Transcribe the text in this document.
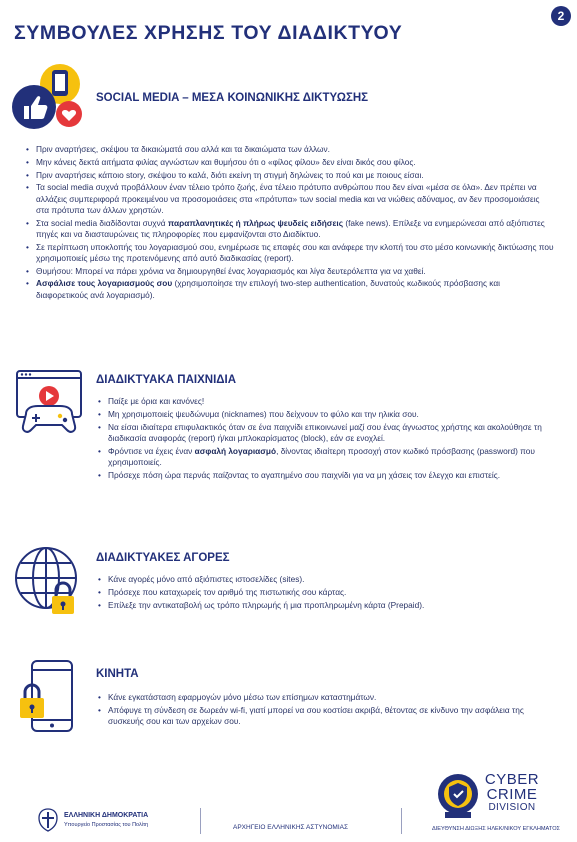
ΣΥΜΒΟΥΛΕΣ ΧΡΗΣΗΣ ΤΟΥ ΔΙΑΔΙΚΤΥΟΥ
2
SOCIAL MEDIA – ΜΕΣΑ ΚΟΙΝΩΝΙΚΗΣ ΔΙΚΤΥΩΣΗΣ
• Πριν αναρτήσεις, σκέψου τα δικαιώματά σου αλλά και τα δικαιώματα των άλλων.
• Μην κάνεις δεκτά αιτήματα φιλίας αγνώστων και θυμήσου ότι ο «φίλος φίλου» δεν είναι δικός σου φίλος.
• Πριν αναρτήσεις κάποιο story, σκέψου το καλά, διότι εκείνη τη στιγμή δηλώνεις το πού και με ποιους είσαι.
• Τα social media συχνά προβάλλουν έναν τέλειο τρόπο ζωής, ένα τέλειο πρότυπο ανθρώπου που δεν είναι «μέσα σε όλα». Δεν πρέπει να αλλάζεις συμπεριφορά προκειμένου να προσομοιάσεις στα «πρότυπα» των social media και να νιώθεις αδύναμος, αν δεν προσομοιάσεις στα πρότυπα των άλλων χρηστών.
• Στα social media διαδίδονται συχνά παραπλανητικές ή πλήρως ψευδείς ειδήσεις (fake news). Επίλεξε να ενημερώνεσαι από αξιόπιστες πηγές και να διασταυρώνεις τις πληροφορίες που εμφανίζονται στο Διαδίκτυο.
• Σε περίπτωση υποκλοπής του λογαριασμού σου, ενημέρωσε τις επαφές σου και ανάφερε την κλοπή του στο μέσο κοινωνικής δικτύωσης που χρησιμοποιείς μέσω της προτεινόμενης από αυτό διαδικασίας (report).
• Θυμήσου: Μπορεί να πάρει χρόνια να δημιουργηθεί ένας λογαριασμός και λίγα δευτερόλεπτα για να χαθεί.
• Ασφάλισε τους λογαριασμούς σου (χρησιμοποίησε την επιλογή two-step authentication, δυνατούς κωδικούς πρόσβασης και διαφορετικούς ανά λογαριασμό).
ΔΙΑΔΙΚΤΥΑΚΑ ΠΑΙΧΝΙΔΙΑ
• Παίξε με όρια και κανόνες!
• Μη χρησιμοποιείς ψευδώνυμα (nicknames) που δείχνουν το φύλο και την ηλικία σου.
• Να είσαι ιδιαίτερα επιφυλακτικός όταν σε ένα παιχνίδι επικοινωνεί μαζί σου ένας άγνωστος χρήστης και ακολούθησε τη διαδικασία αναφοράς (report) ή/και μπλοκαρίσματος (block), εάν σε ενοχλεί.
• Φρόντισε να έχεις έναν ασφαλή λογαριασμό, δίνοντας ιδιαίτερη προσοχή στον κωδικό πρόσβασης (password) που χρησιμοποιείς.
• Πρόσεχε πόση ώρα περνάς παίζοντας το αγαπημένο σου παιχνίδι για να μη χάσεις τον έλεγχο και επιστείς.
ΔΙΑΔΙΚΤΥΑΚΕΣ ΑΓΟΡΕΣ
• Κάνε αγορές μόνο από αξιόπιστες ιστοσελίδες (sites).
• Πρόσεχε που καταχωρείς τον αριθμό της πιστωτικής σου κάρτας.
• Επίλεξε την αντικαταβολή ως τρόπο πληρωμής ή μια προπληρωμένη κάρτα (Prepaid).
ΚΙΝΗΤΑ
• Κάνε εγκατάσταση εφαρμογών μόνο μέσω των επίσημων καταστημάτων.
• Απόφυγε τη σύνδεση σε δωρεάν wi-fi, γιατί μπορεί να σου κοστίσει ακριβά, θέτοντας σε κίνδυνο την ασφάλεια της συσκευής σου και των αρχείων σου.
ΕΛΛΗΝΙΚΗ ΔΗΜΟΚΡΑΤΙΑ
Υπουργείο Προστασίας του Πολίτη	ΑΡΧΗΓΕΙΟ ΕΛΛΗΝΙΚΗΣ ΑΣΤΥΝΟΜΙΑΣ
CYBER
CRIME
DIVISION
ΔΙΕΥΘΥΝΣΗ ΔΙΩΞΗΣ ΗΛΕΚ/ΝΙΚΟΥ ΕΓΚΛΗΜΑΤΟΣ
